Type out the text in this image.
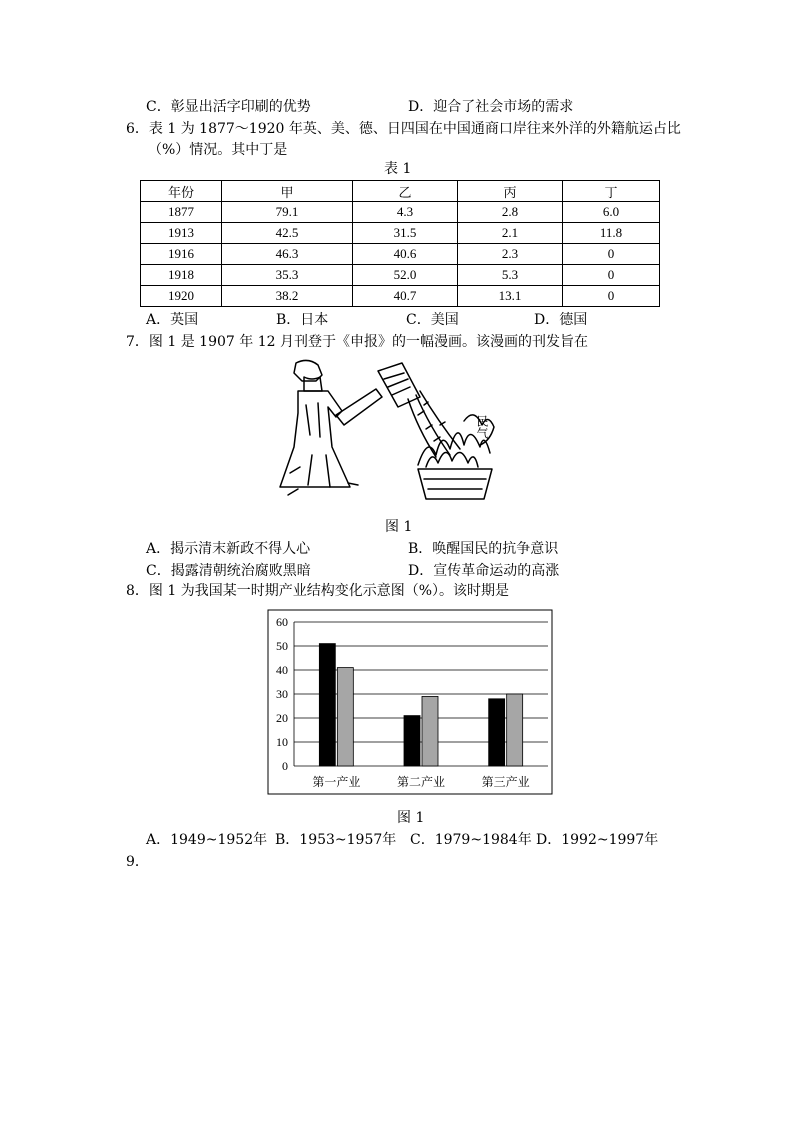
C．彰显出活字印刷的优势	D．迎合了社会市场的需求
6．表 1 为 1877～1920 年英、美、德、日四国在中国通商口岸往来外洋的外籍航运占比
（%）情况。其中丁是
表 1
年份	甲	乙	丙	丁
1877	79.1	4.3	2.8	6.0
1913	42.5	31.5	2.1	11.8
1916	46.3	40.6	2.3	0
1918	35.3	52.0	5.3	0
1920	38.2	40.7	13.1	0
A．英国	B．日本	C．美国	D．德国
7．图 1 是 1907 年 12 月刊登于《申报》的一幅漫画。该漫画的刊发旨在
民气
图 1
A．揭示清末新政不得人心	B．唤醒国民的抗争意识
C．揭露清朝统治腐败黑暗	D．宣传革命运动的高涨
8．图 1 为我国某一时期产业结构变化示意图（%）。该时期是
0
10
20
30
40
50
60
第一产业	第二产业	第三产业
图 1
A．1949~1952年 B．1953~1957年 C．1979~1984年 D．1992~1997年
9．
